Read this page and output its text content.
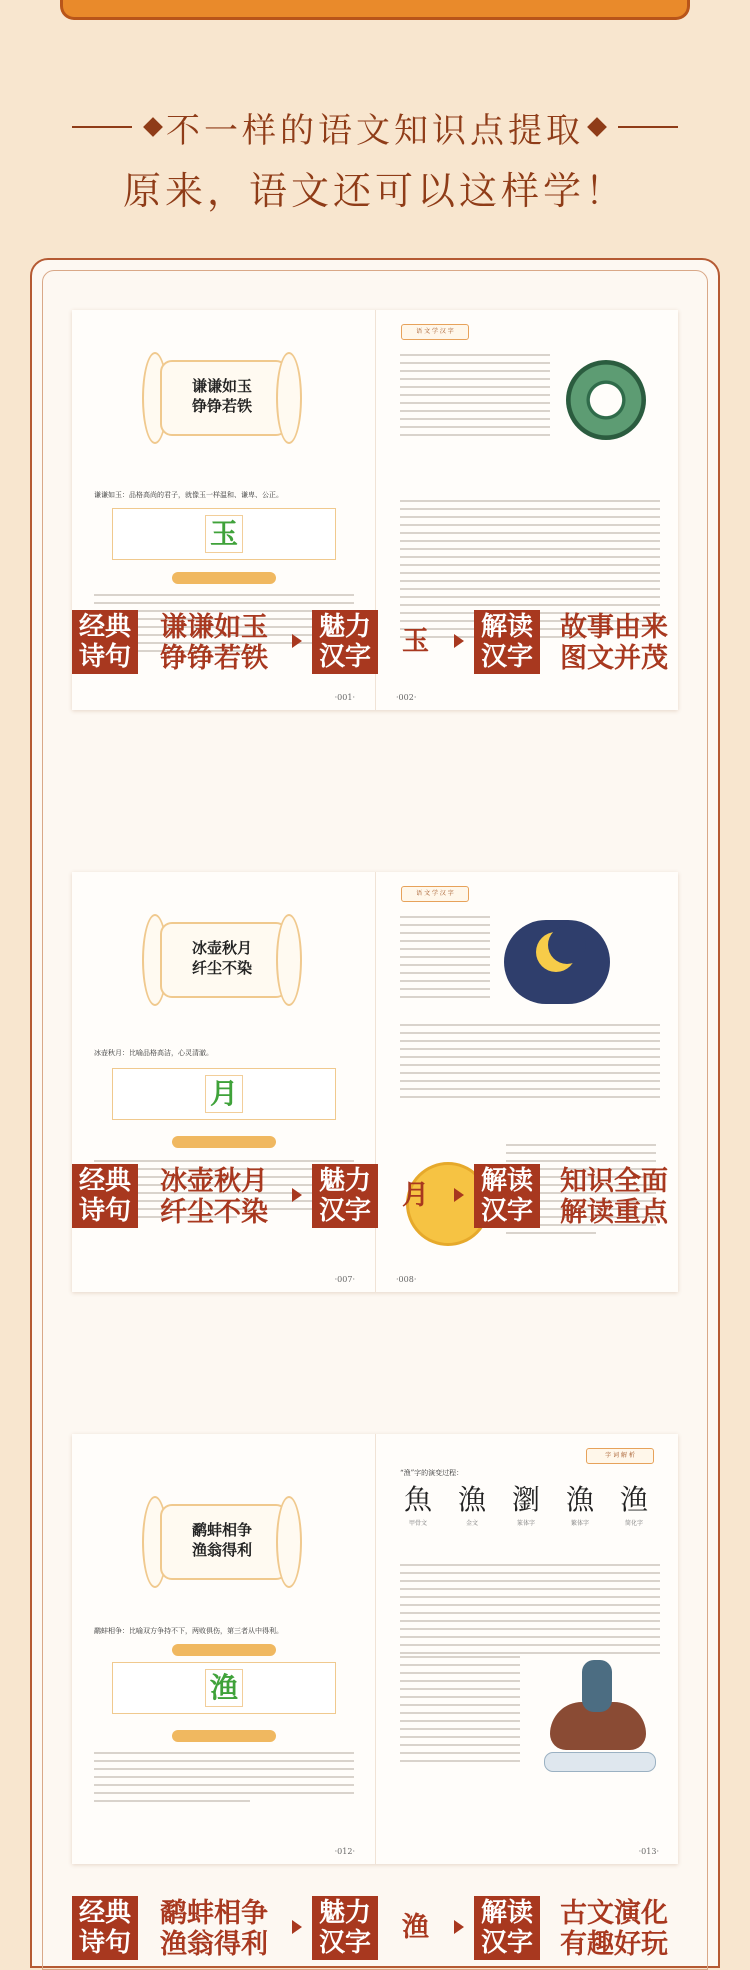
不一样的语文知识点提取
原来，语文还可以这样学！
谦谦如玉
铮铮若铁
谦谦如玉：品格高尚的君子，就像玉一样温和、谦卑、公正。
玉
·001·
语 文 学 汉 字
·002·
经典
诗句
谦谦如玉
铮铮若铁
魅力
汉字 玉 解读
汉字
故事由来
图文并茂
冰壶秋月
纤尘不染
冰壶秋月：比喻品格高洁，心灵清澈。
月
·007·
语 文 学 汉 字
·008·
经典
诗句
冰壶秋月
纤尘不染
魅力
汉字 月 解读
汉字
知识全面
解读重点
鹬蚌相争
渔翁得利
鹬蚌相争：比喻双方争持不下，两败俱伤，第三者从中得利。
渔
·012·
字 词 解 析
“渔”字的演变过程：
魚
甲骨文
漁
金文
瀏
篆体字
漁
繁体字
渔
简化字
·013·
经典
诗句
鹬蚌相争
渔翁得利
魅力
汉字 渔 解读
汉字
古文演化
有趣好玩
